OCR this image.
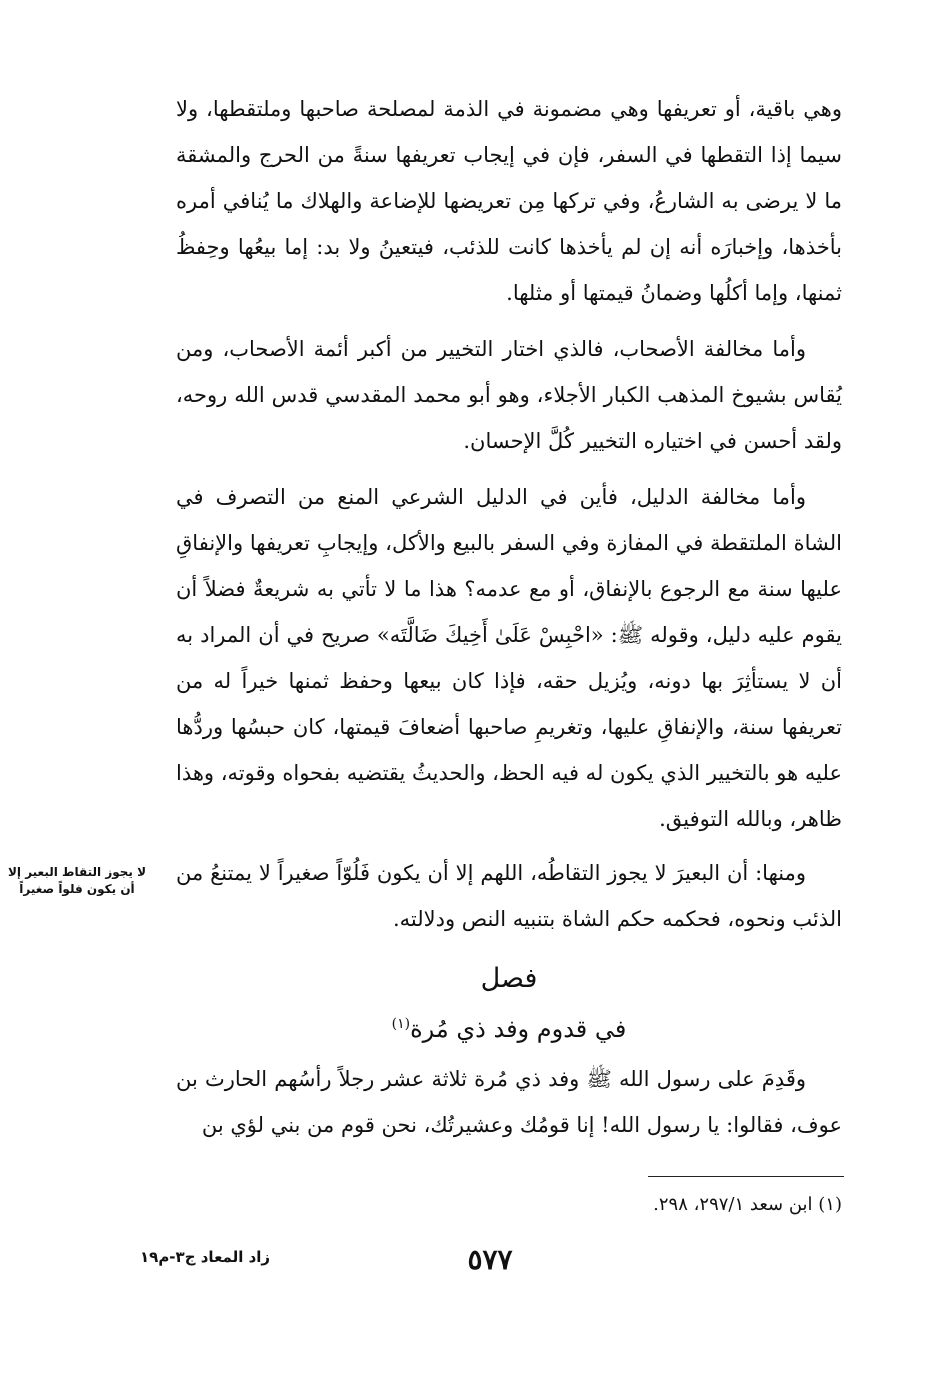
وهي باقية، أو تعريفها وهي مضمونة في الذمة لمصلحة صاحبها وملتقطها، ولا سيما إذا التقطها في السفر، فإن في إيجاب تعريفها سنةً من الحرج والمشقة ما لا يرضى به الشارعُ، وفي تركها مِن تعريضها للإضاعة والهلاك ما يُنافي أمره بأخذها، وإخبارَه أنه إن لم يأخذها كانت للذئب، فيتعينُ ولا بد: إما بيعُها وحِفظُ ثمنها، وإما أكلُها وضمانُ قيمتها أو مثلها.

وأما مخالفة الأصحاب، فالذي اختار التخيير من أكبر أئمة الأصحاب، ومن يُقاس بشيوخ المذهب الكبار الأجلاء، وهو أبو محمد المقدسي قدس الله روحه، ولقد أحسن في اختياره التخيير كُلَّ الإحسان.

وأما مخالفة الدليل، فأين في الدليل الشرعي المنع من التصرف في الشاة الملتقطة في المفازة وفي السفر بالبيع والأكل، وإيجابِ تعريفها والإنفاقِ عليها سنة مع الرجوع بالإنفاق، أو مع عدمه؟ هذا ما لا تأتي به شريعةٌ فضلاً أن يقوم عليه دليل، وقوله ﷺ: «احْبِسْ عَلَىٰ أَخِيكَ ضَالَّتَه» صريح في أن المراد به أن لا يستأثِرَ بها دونه، ويُزيل حقه، فإذا كان بيعها وحفظ ثمنها خيراً له من تعريفها سنة، والإنفاقِ عليها، وتغريمِ صاحبها أضعافَ قيمتها، كان حبسُها وردُّها عليه هو بالتخيير الذي يكون له فيه الحظ، والحديثُ يقتضيه بفحواه وقوته، وهذا ظاهر، وبالله التوفيق.

لا يجوز التقاط البعير إلا أن يكون فلواً صغيراً

ومنها: أن البعيرَ لا يجوز التقاطُه، اللهم إلا أن يكون فَلُوّاً صغيراً لا يمتنعُ من الذئب ونحوه، فحكمه حكم الشاة بتنبيه النص ودلالته.

فصل
في قدوم وفد ذي مُرة$^{(١)}$

وقَدِمَ على رسول الله ﷺ وفد ذي مُرة ثلاثة عشر رجلاً رأسُهم الحارث بن عوف، فقالوا: يا رسول الله! إنا قومُك وعشيرتُك، نحن قوم من بني لؤي بن

(١) ابن سعد ٢٩٧/١، ٢٩٨.
٥٧٧
زاد المعاد ج٣-م١٩
